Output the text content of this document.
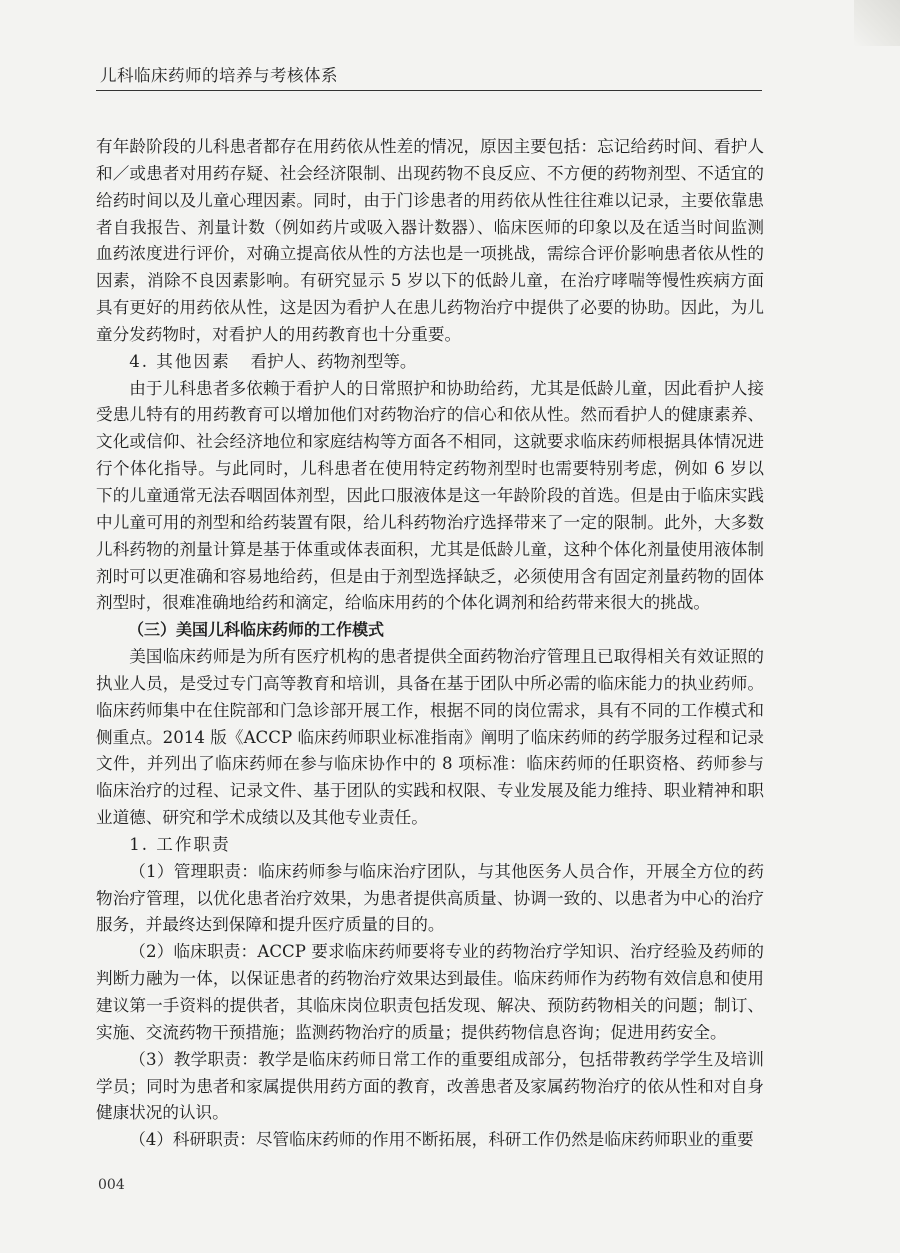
儿科临床药师的培养与考核体系

有年龄阶段的儿科患者都存在用药依从性差的情况，原因主要包括：忘记给药时间、看护人和／或患者对用药存疑、社会经济限制、出现药物不良反应、不方便的药物剂型、不适宜的给药时间以及儿童心理因素。同时，由于门诊患者的用药依从性往往难以记录，主要依靠患者自我报告、剂量计数（例如药片或吸入器计数器）、临床医师的印象以及在适当时间监测血药浓度进行评价，对确立提高依从性的方法也是一项挑战，需综合评价影响患者依从性的因素，消除不良因素影响。有研究显示 5 岁以下的低龄儿童，在治疗哮喘等慢性疾病方面具有更好的用药依从性，这是因为看护人在患儿药物治疗中提供了必要的协助。因此，为儿童分发药物时，对看护人的用药教育也十分重要。

4. 其他因素 看护人、药物剂型等。

由于儿科患者多依赖于看护人的日常照护和协助给药，尤其是低龄儿童，因此看护人接受患儿特有的用药教育可以增加他们对药物治疗的信心和依从性。然而看护人的健康素养、文化或信仰、社会经济地位和家庭结构等方面各不相同，这就要求临床药师根据具体情况进行个体化指导。与此同时，儿科患者在使用特定药物剂型时也需要特别考虑，例如 6 岁以下的儿童通常无法吞咽固体剂型，因此口服液体是这一年龄阶段的首选。但是由于临床实践中儿童可用的剂型和给药装置有限，给儿科药物治疗选择带来了一定的限制。此外，大多数儿科药物的剂量计算是基于体重或体表面积，尤其是低龄儿童，这种个体化剂量使用液体制剂时可以更准确和容易地给药，但是由于剂型选择缺乏，必须使用含有固定剂量药物的固体剂型时，很难准确地给药和滴定，给临床用药的个体化调剂和给药带来很大的挑战。

（三）美国儿科临床药师的工作模式

美国临床药师是为所有医疗机构的患者提供全面药物治疗管理且已取得相关有效证照的执业人员，是受过专门高等教育和培训，具备在基于团队中所必需的临床能力的执业药师。临床药师集中在住院部和门急诊部开展工作，根据不同的岗位需求，具有不同的工作模式和侧重点。2014 版《ACCP 临床药师职业标准指南》阐明了临床药师的药学服务过程和记录文件，并列出了临床药师在参与临床协作中的 8 项标准：临床药师的任职资格、药师参与临床治疗的过程、记录文件、基于团队的实践和权限、专业发展及能力维持、职业精神和职业道德、研究和学术成绩以及其他专业责任。

1. 工作职责

（1）管理职责：临床药师参与临床治疗团队，与其他医务人员合作，开展全方位的药物治疗管理，以优化患者治疗效果，为患者提供高质量、协调一致的、以患者为中心的治疗服务，并最终达到保障和提升医疗质量的目的。

（2）临床职责：ACCP 要求临床药师要将专业的药物治疗学知识、治疗经验及药师的判断力融为一体，以保证患者的药物治疗效果达到最佳。临床药师作为药物有效信息和使用建议第一手资料的提供者，其临床岗位职责包括发现、解决、预防药物相关的问题；制订、实施、交流药物干预措施；监测药物治疗的质量；提供药物信息咨询；促进用药安全。

（3）教学职责：教学是临床药师日常工作的重要组成部分，包括带教药学学生及培训学员；同时为患者和家属提供用药方面的教育，改善患者及家属药物治疗的依从性和对自身健康状况的认识。

（4）科研职责：尽管临床药师的作用不断拓展，科研工作仍然是临床药师职业的重要

004
